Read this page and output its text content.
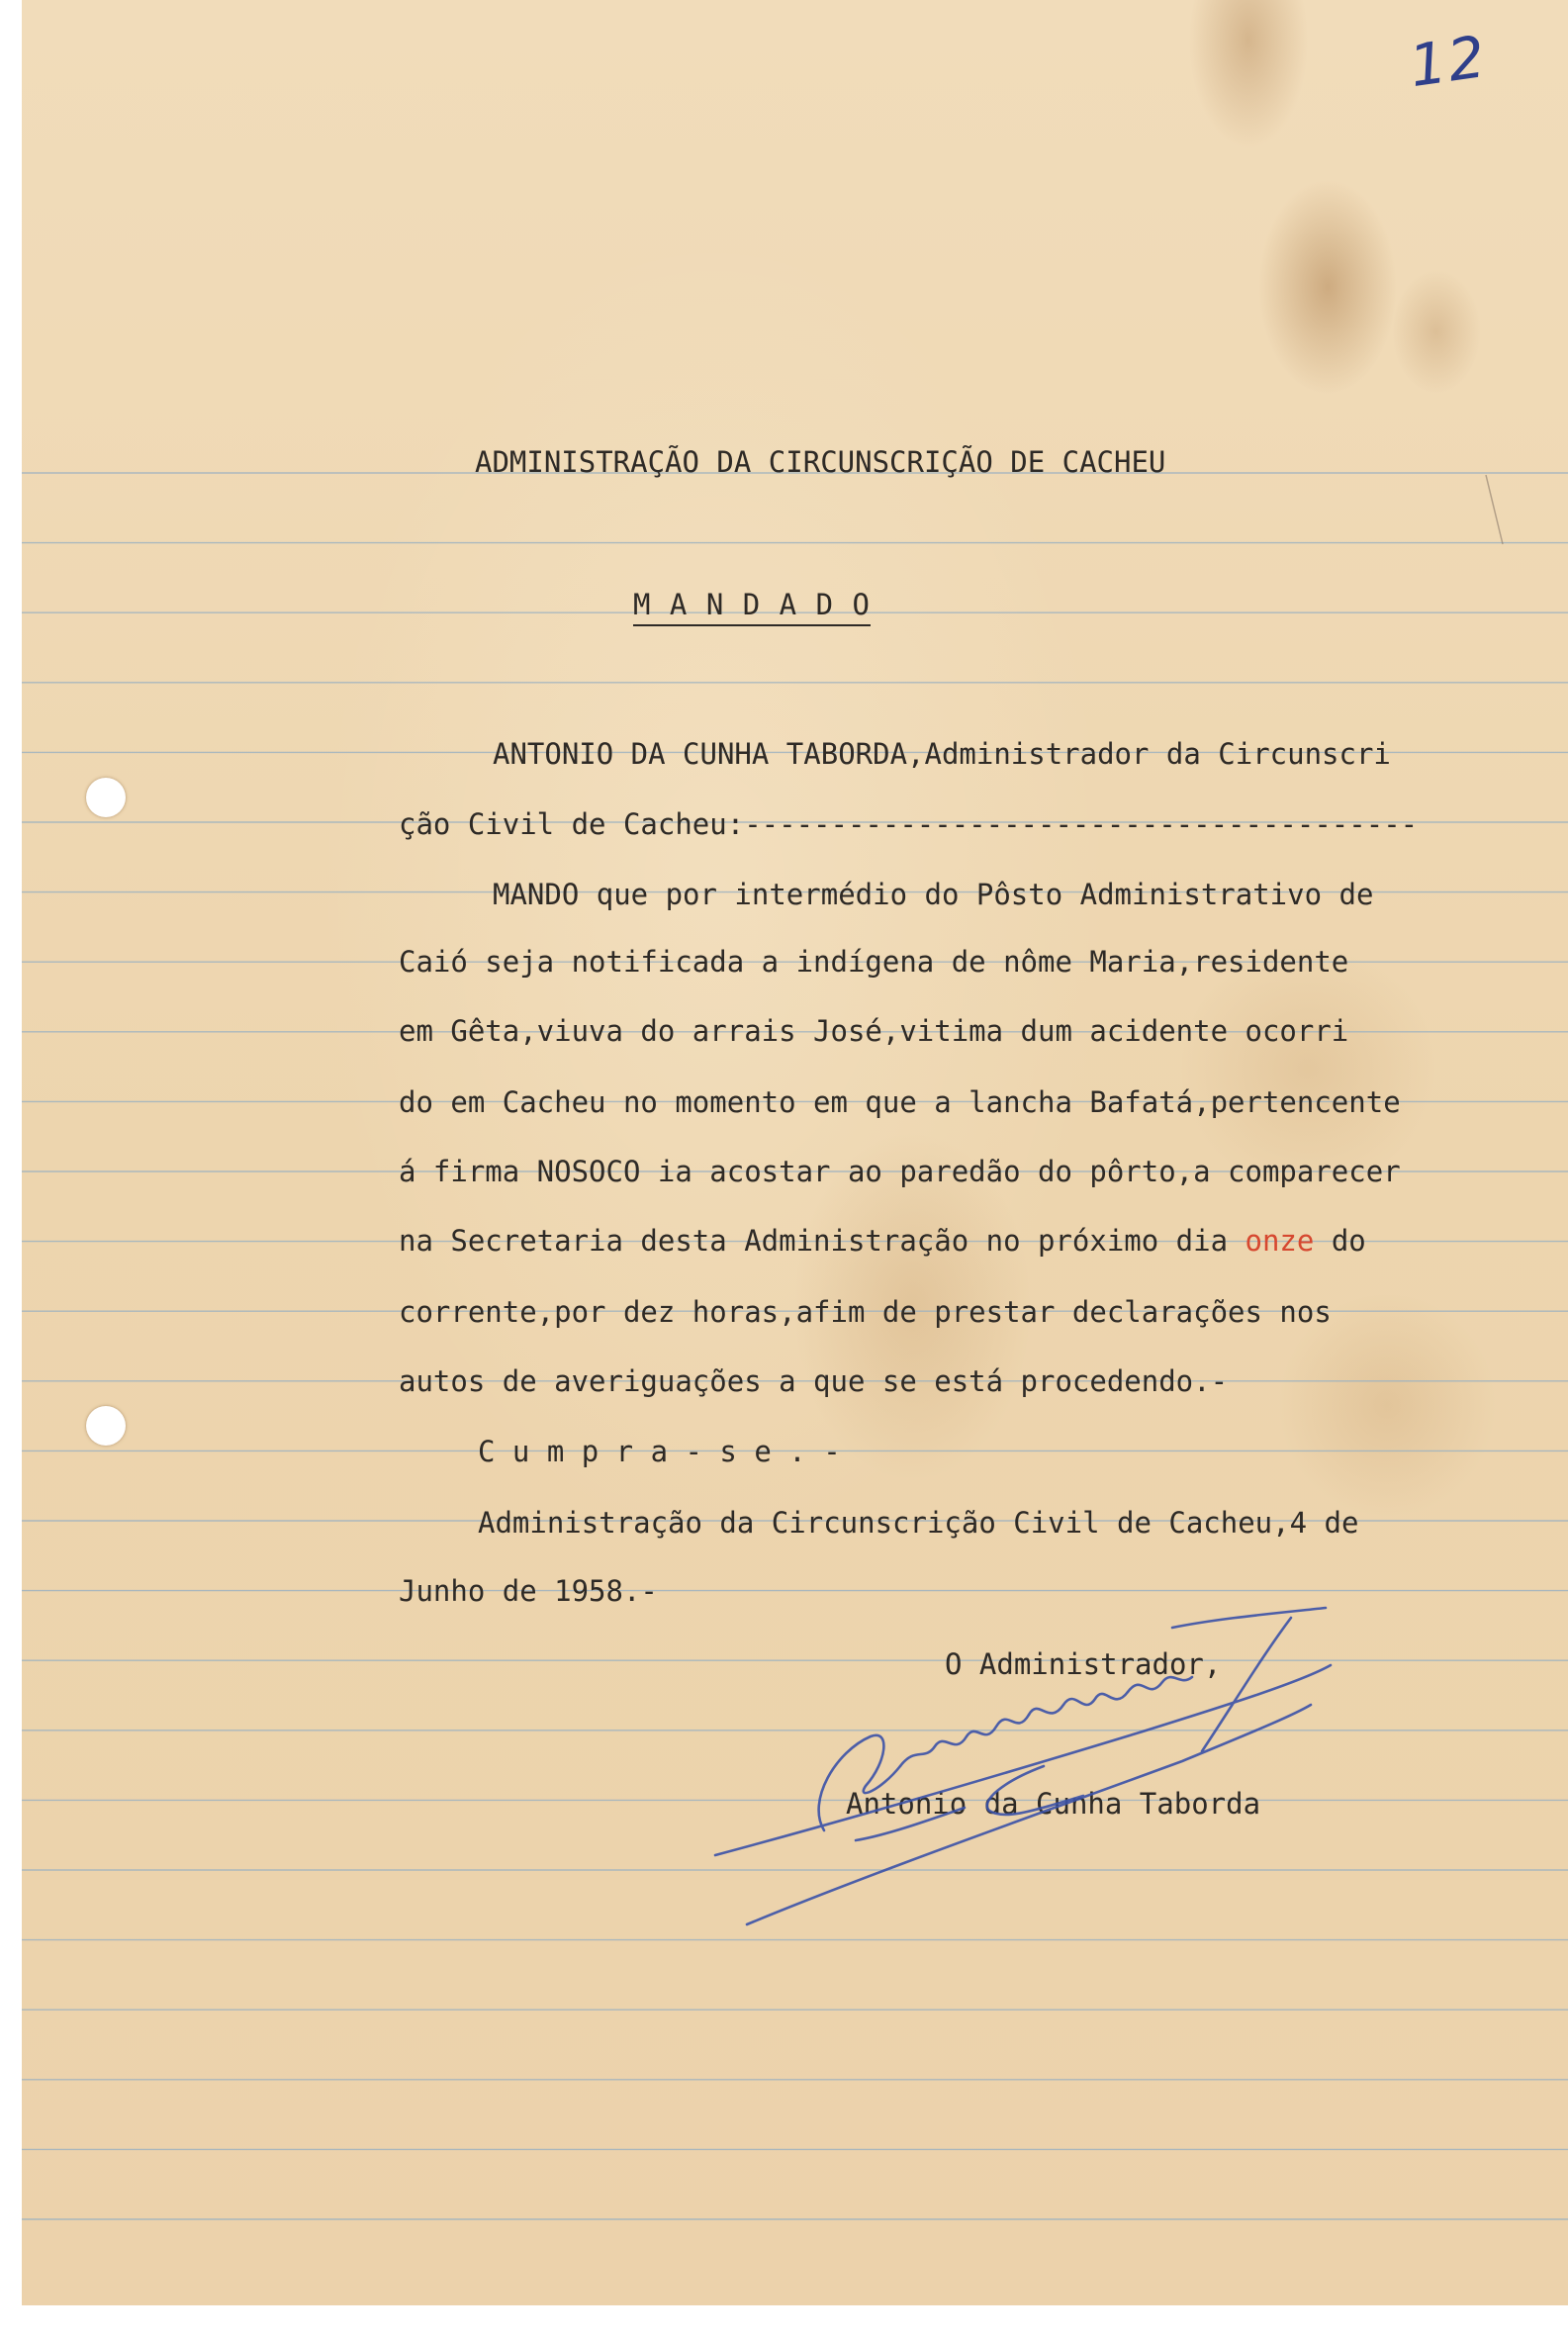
12
ADMINISTRAÇÃO DA CIRCUNSCRIÇÃO DE CACHEU
M A N D A D O
ANTONIO DA CUNHA TABORDA,Administrador da Circunscri
ção Civil de Cacheu:---------------------------------------
MANDO que por intermédio do Pôsto Administrativo de
Caió seja notificada a indígena de nôme Maria,residente
em Gêta,viuva do arrais José,vitima dum acidente ocorri
do em Cacheu no momento em que a lancha Bafatá,pertencente
á firma NOSOCO ia acostar ao paredão do pôrto,a comparecer
na Secretaria desta Administração no próximo dia onze do
corrente,por dez horas,afim de prestar declarações nos
autos de averiguações a que se está procedendo.-
C u m p r a - s e . -
Administração da Circunscrição Civil de Cacheu,4 de
Junho de 1958.-
O Administrador,
Antonio da Cunha Taborda
